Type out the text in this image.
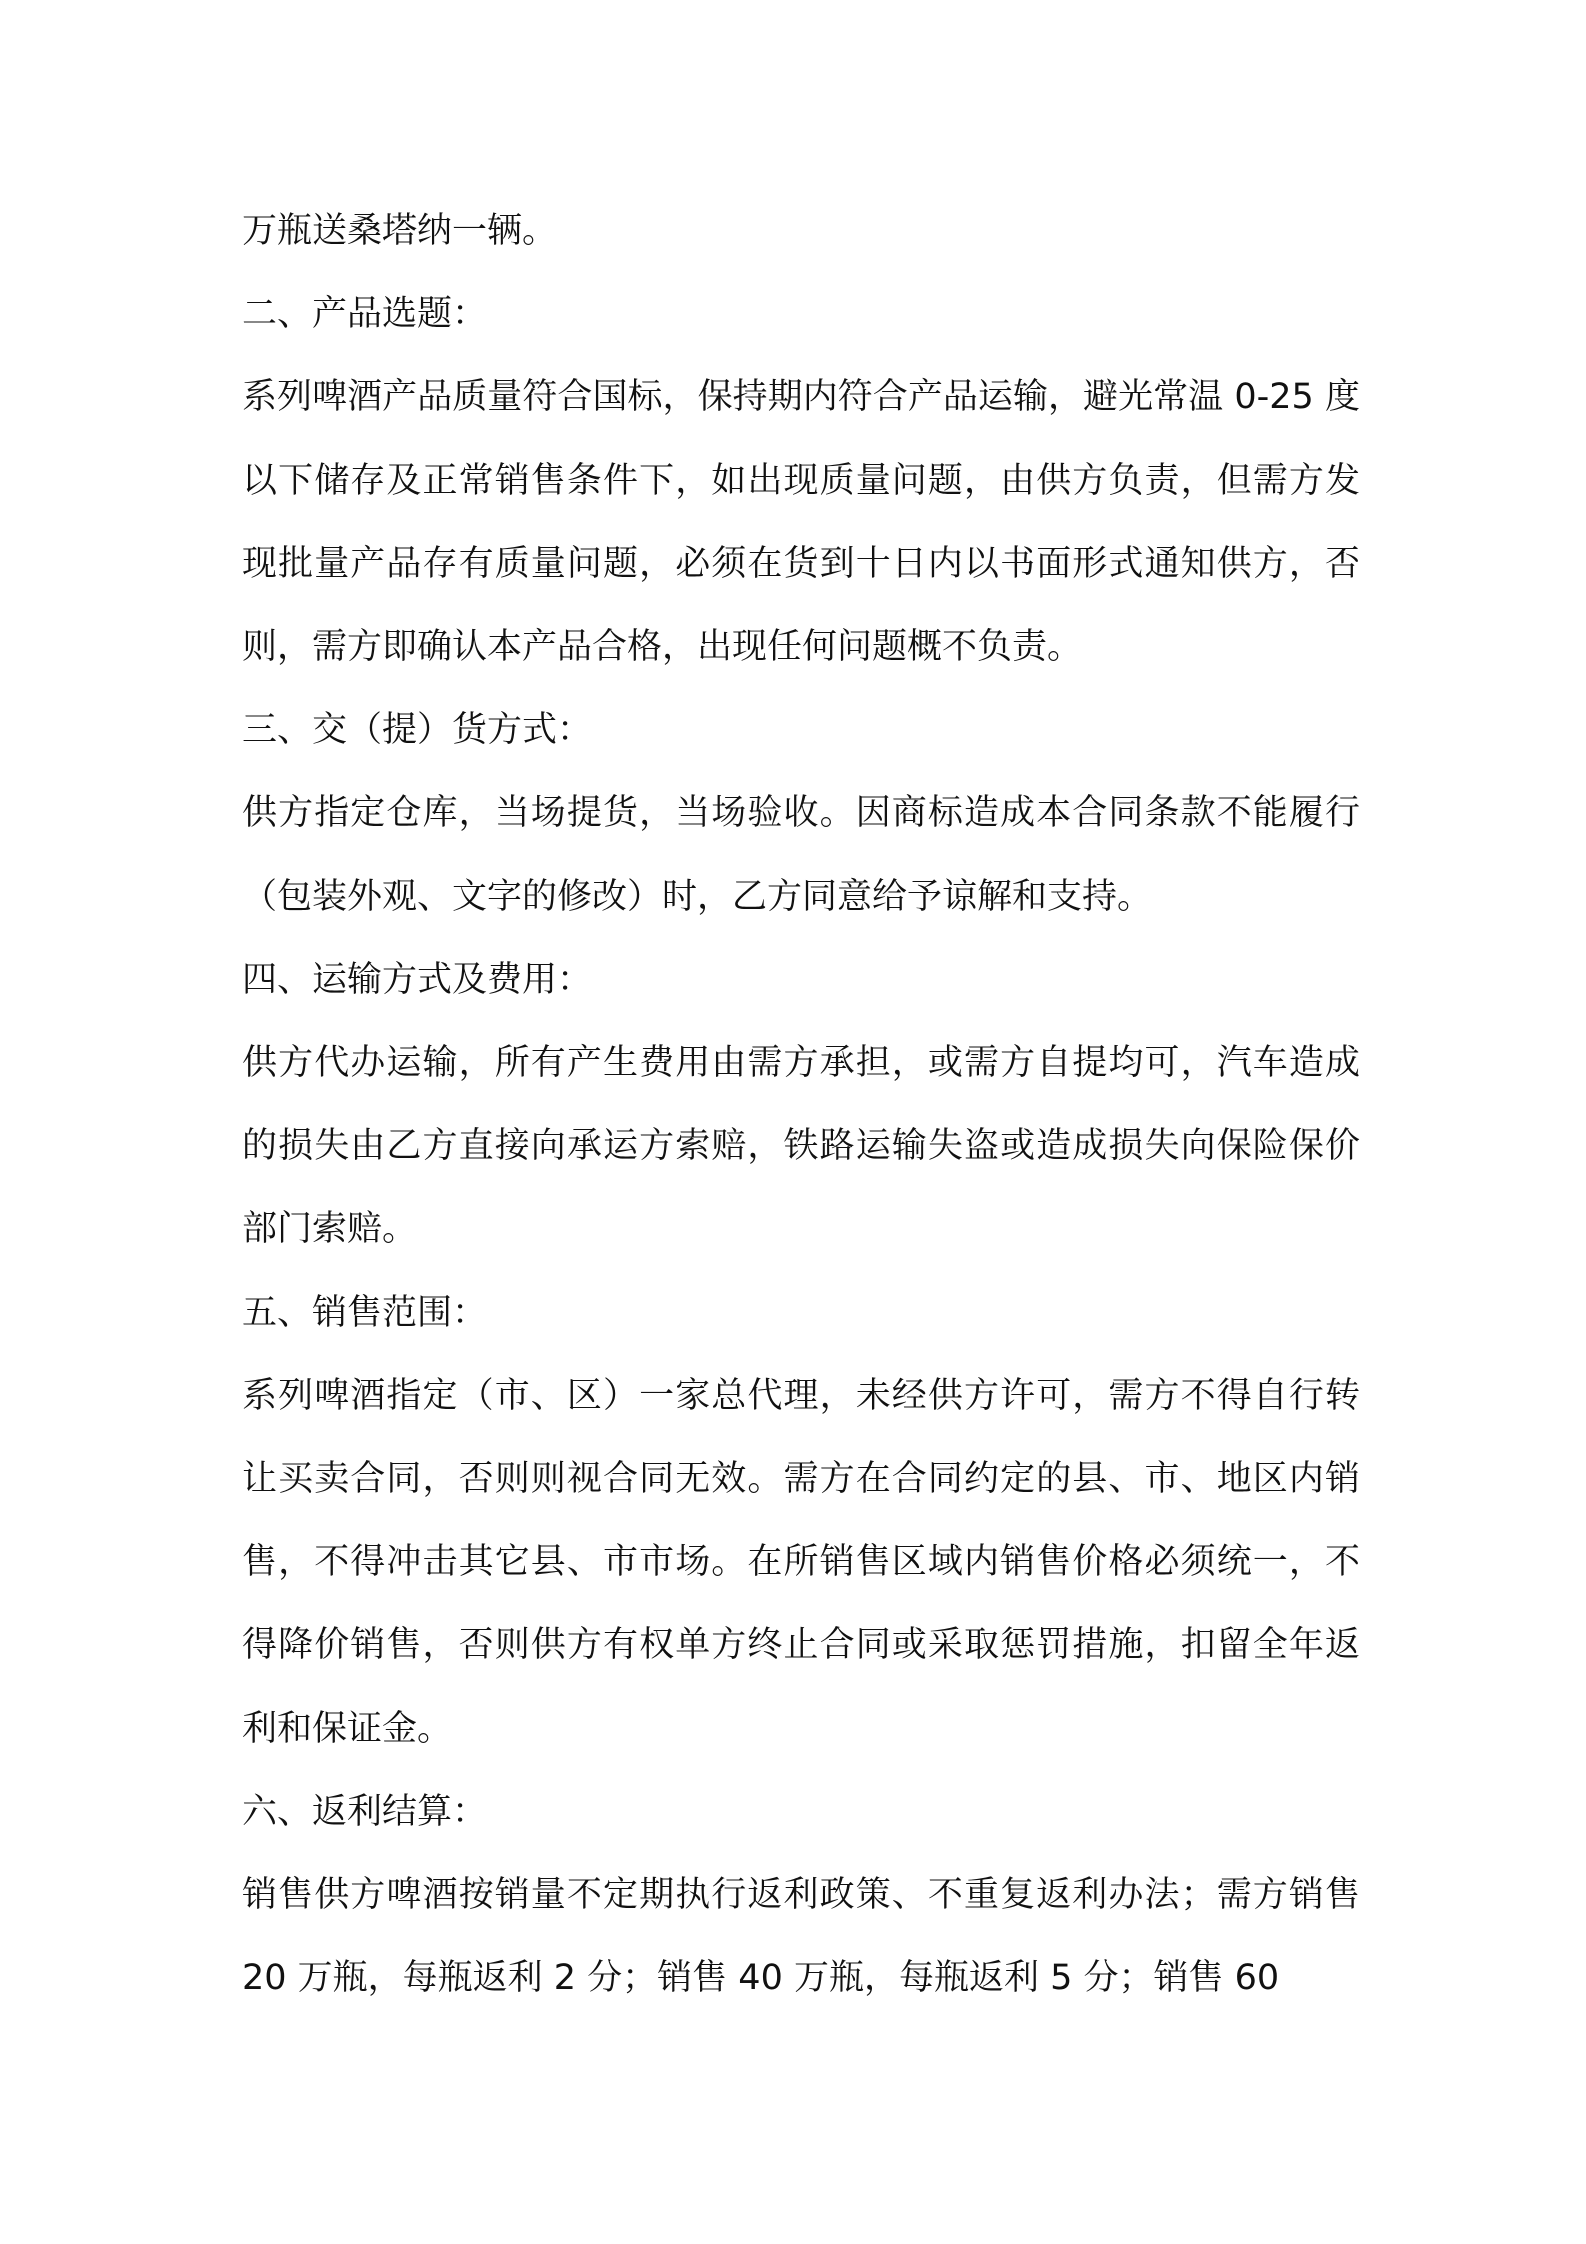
万瓶送桑塔纳一辆。

二、产品选题：

系列啤酒产品质量符合国标，保持期内符合产品运输，避光常温 0-25 度以下储存及正常销售条件下，如出现质量问题，由供方负责，但需方发现批量产品存有质量问题，必须在货到十日内以书面形式通知供方，否则，需方即确认本产品合格，出现任何问题概不负责。

三、交（提）货方式：

供方指定仓库，当场提货，当场验收。因商标造成本合同条款不能履行（包装外观、文字的修改）时，乙方同意给予谅解和支持。

四、运输方式及费用：

供方代办运输，所有产生费用由需方承担，或需方自提均可，汽车造成的损失由乙方直接向承运方索赔，铁路运输失盗或造成损失向保险保价部门索赔。

五、销售范围：

系列啤酒指定（市、区）一家总代理，未经供方许可，需方不得自行转让买卖合同，否则则视合同无效。需方在合同约定的县、市、地区内销售，不得冲击其它县、市市场。在所销售区域内销售价格必须统一，不得降价销售，否则供方有权单方终止合同或采取惩罚措施，扣留全年返利和保证金。

六、返利结算：

销售供方啤酒按销量不定期执行返利政策、不重复返利办法；需方销售 20 万瓶，每瓶返利 2 分；销售 40 万瓶，每瓶返利 5 分；销售 60
